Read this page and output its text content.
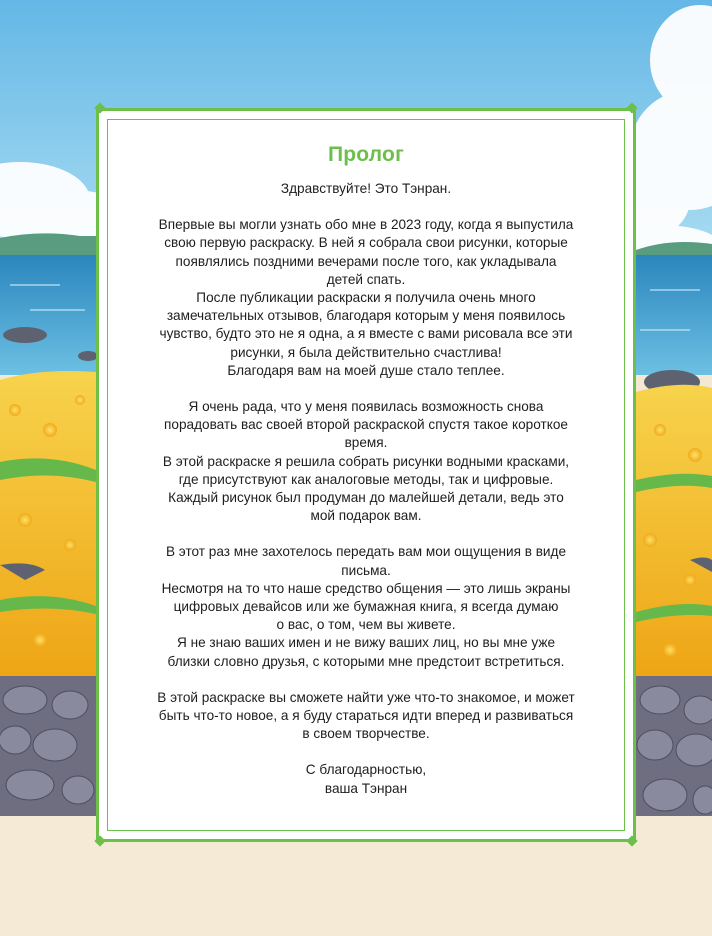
Пролог

Здравствуйте! Это Тэнран.

Впервые вы могли узнать обо мне в 2023 году, когда я выпустила
свою первую раскраску. В ней я собрала свои рисунки, которые
появлялись поздними вечерами после того, как укладывала
детей спать.
После публикации раскраски я получила очень много
замечательных отзывов, благодаря которым у меня появилось
чувство, будто это не я одна, а я вместе с вами рисовала все эти
рисунки, я была действительно счастлива!
Благодаря вам на моей душе стало теплее.

Я очень рада, что у меня появилась возможность снова
порадовать вас своей второй раскраской спустя такое короткое
время.
В этой раскраске я решила собрать рисунки водными красками,
где присутствуют как аналоговые методы, так и цифровые.
Каждый рисунок был продуман до малейшей детали, ведь это
мой подарок вам.

В этот раз мне захотелось передать вам мои ощущения в виде
письма.
Несмотря на то что наше средство общения — это лишь экраны
цифровых девайсов или же бумажная книга, я всегда думаю
о вас, о том, чем вы живете.
Я не знаю ваших имен и не вижу ваших лиц, но вы мне уже
близки словно друзья, с которыми мне предстоит встретиться.

В этой раскраске вы сможете найти уже что-то знакомое, и может
быть что-то новое, а я буду стараться идти вперед и развиваться
в своем творчестве.

С благодарностью,
ваша Тэнран
